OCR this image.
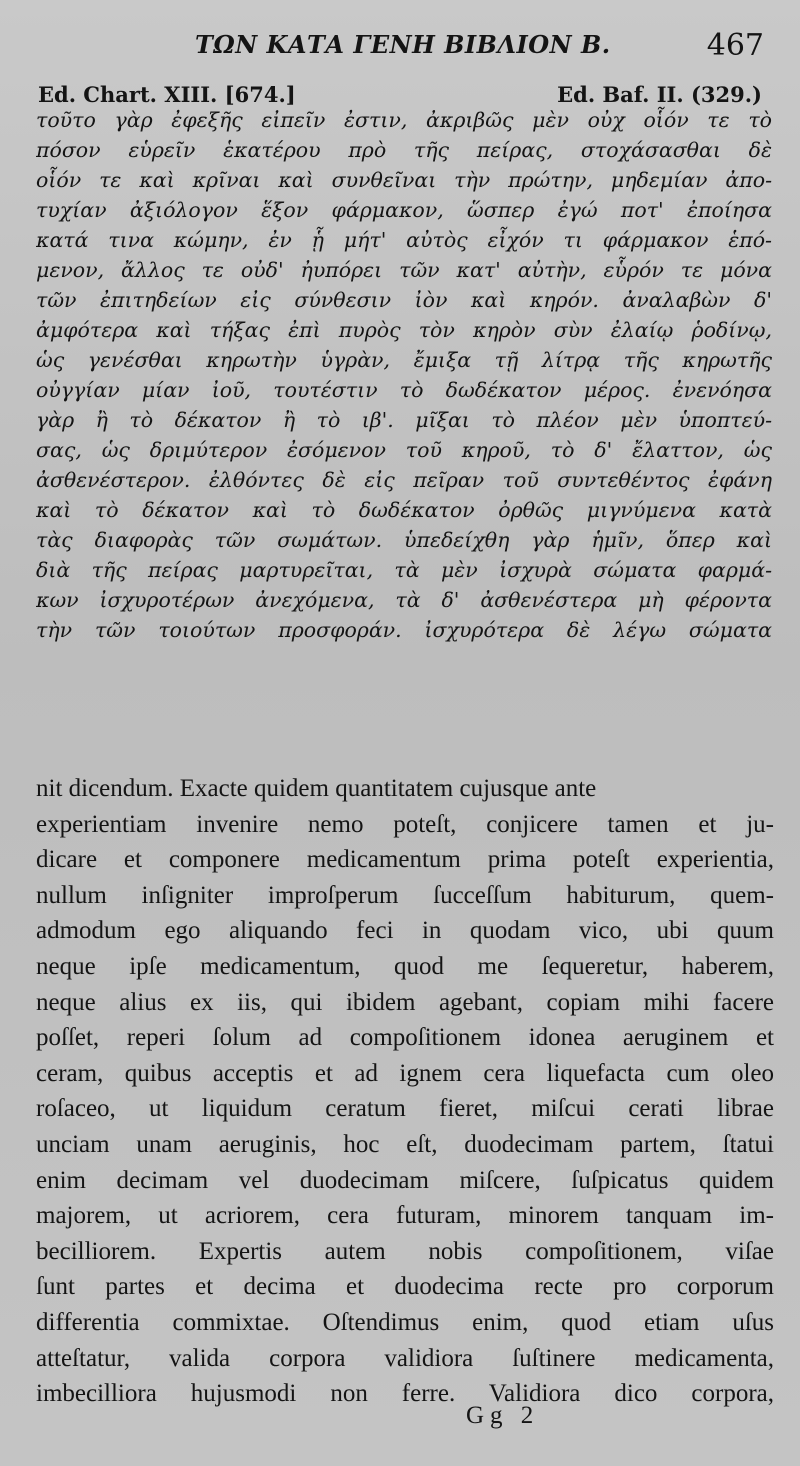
ΤΩΝ ΚΑΤΑ ΓΕΝΗ ΒΙΒΛΙΟΝ Β.	467
Ed. Chart. XIII. [674.]	Ed. Baf. II. (329.)
τοῦτο γὰρ ἐφεξῆς εἰπεῖν ἐστιν, ἀκριβῶς μὲν οὐχ οἷόν τε τὸ
πόσον εὑρεῖν ἑκατέρου πρὸ τῆς πείρας, στοχάσασθαι δὲ
οἷόν τε καὶ κρῖναι καὶ συνθεῖναι τὴν πρώτην, μηδεμίαν ἀπο-
τυχίαν ἀξιόλογον ἕξον φάρμακον, ὥσπερ ἐγώ ποτ' ἐποίησα
κατά τινα κώμην, ἐν ᾗ μήτ' αὐτὸς εἶχόν τι φάρμακον ἑπό-
μενον, ἄλλος τε οὐδ' ἠυπόρει τῶν κατ' αὐτὴν, εὗρόν τε μόνα
τῶν ἐπιτηδείων εἰς σύνθεσιν ἰὸν καὶ κηρόν. ἀναλαβὼν δ'
ἀμφότερα καὶ τήξας ἐπὶ πυρὸς τὸν κηρὸν σὺν ἐλαίῳ ῥοδίνῳ,
ὡς γενέσθαι κηρωτὴν ὑγρὰν, ἔμιξα τῇ λίτρᾳ τῆς κηρωτῆς
οὐγγίαν μίαν ἰοῦ, τουτέστιν τὸ δωδέκατον μέρος. ἐνενόησα
γὰρ ἢ τὸ δέκατον ἢ τὸ ιβ'. μῖξαι τὸ πλέον μὲν ὑποπτεύ-
σας, ὡς δριμύτερον ἐσόμενον τοῦ κηροῦ, τὸ δ' ἔλαττον, ὡς
ἀσθενέστερον. ἐλθόντες δὲ εἰς πεῖραν τοῦ συντεθέντος ἐφάνη
καὶ τὸ δέκατον καὶ τὸ δωδέκατον ὀρθῶς μιγνύμενα κατὰ
τὰς διαφορὰς τῶν σωμάτων. ὑπεδείχθη γὰρ ἡμῖν, ὅπερ καὶ
διὰ τῆς πείρας μαρτυρεῖται, τὰ μὲν ἰσχυρὰ σώματα φαρμά-
κων ἰσχυροτέρων ἀνεχόμενα, τὰ δ' ἀσθενέστερα μὴ φέροντα
τὴν τῶν τοιούτων προσφοράν. ἰσχυρότερα δὲ λέγω σώματα
nit dicendum. Exacte quidem quantitatem cujusque ante
experientiam invenire nemo poteſt, conjicere tamen et ju-
dicare et componere medicamentum prima poteſt experientia,
nullum inſigniter improſperum ſucceſſum habiturum, quem-
admodum ego aliquando feci in quodam vico, ubi quum
neque ipſe medicamentum, quod me ſequeretur, haberem,
neque alius ex iis, qui ibidem agebant, copiam mihi facere
poſſet, reperi ſolum ad compoſitionem idonea aeruginem et
ceram, quibus acceptis et ad ignem cera liquefacta cum oleo
roſaceo, ut liquidum ceratum fieret, miſcui cerati librae
unciam unam aeruginis, hoc eſt, duodecimam partem, ſtatui
enim decimam vel duodecimam miſcere, ſuſpicatus quidem
majorem, ut acriorem, cera futuram, minorem tanquam im-
becilliorem. Expertis autem nobis compoſitionem, viſae
ſunt partes et decima et duodecima recte pro corporum
differentia commixtae. Oſtendimus enim, quod etiam uſus
atteſtatur, valida corpora validiora ſuſtinere medicamenta,
imbecilliora hujusmodi non ferre. Validiora dico corpora,
Gg 2
